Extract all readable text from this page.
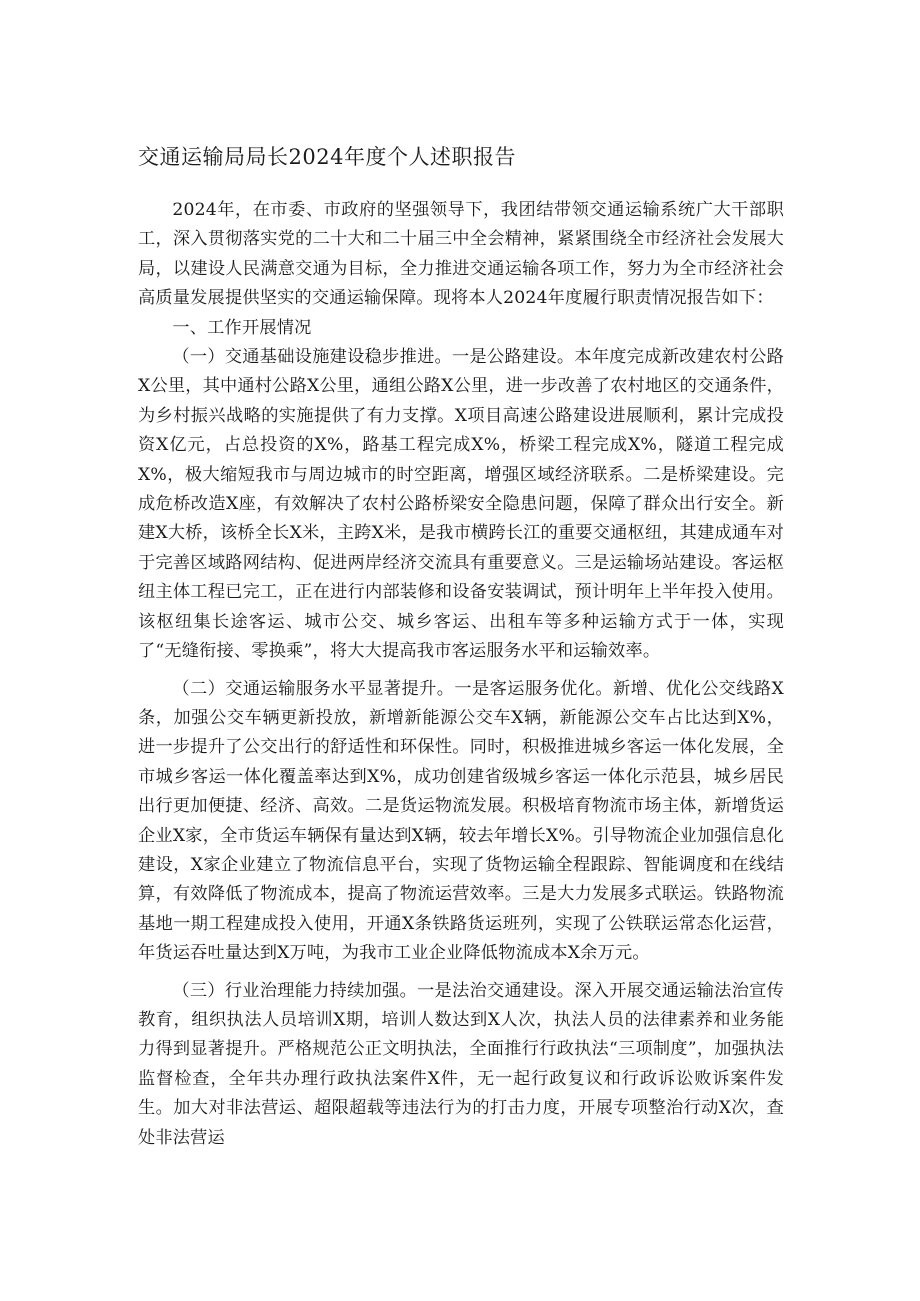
交通运输局局长2024年度个人述职报告

2024年，在市委、市政府的坚强领导下，我团结带领交通运输系统广大干部职工，深入贯彻落实党的二十大和二十届三中全会精神，紧紧围绕全市经济社会发展大局，以建设人民满意交通为目标，全力推进交通运输各项工作，努力为全市经济社会高质量发展提供坚实的交通运输保障。现将本人2024年度履行职责情况报告如下：

一、工作开展情况

（一）交通基础设施建设稳步推进。一是公路建设。本年度完成新改建农村公路X公里，其中通村公路X公里，通组公路X公里，进一步改善了农村地区的交通条件，为乡村振兴战略的实施提供了有力支撑。X项目高速公路建设进展顺利，累计完成投资X亿元，占总投资的X%，路基工程完成X%，桥梁工程完成X%，隧道工程完成X%，极大缩短我市与周边城市的时空距离，增强区域经济联系。二是桥梁建设。完成危桥改造X座，有效解决了农村公路桥梁安全隐患问题，保障了群众出行安全。新建X大桥，该桥全长X米，主跨X米，是我市横跨长江的重要交通枢纽，其建成通车对于完善区域路网结构、促进两岸经济交流具有重要意义。三是运输场站建设。客运枢纽主体工程已完工，正在进行内部装修和设备安装调试，预计明年上半年投入使用。该枢纽集长途客运、城市公交、城乡客运、出租车等多种运输方式于一体，实现了“无缝衔接、零换乘”，将大大提高我市客运服务水平和运输效率。

（二）交通运输服务水平显著提升。一是客运服务优化。新增、优化公交线路X条，加强公交车辆更新投放，新增新能源公交车X辆，新能源公交车占比达到X%，进一步提升了公交出行的舒适性和环保性。同时，积极推进城乡客运一体化发展，全市城乡客运一体化覆盖率达到X%，成功创建省级城乡客运一体化示范县，城乡居民出行更加便捷、经济、高效。二是货运物流发展。积极培育物流市场主体，新增货运企业X家，全市货运车辆保有量达到X辆，较去年增长X%。引导物流企业加强信息化建设，X家企业建立了物流信息平台，实现了货物运输全程跟踪、智能调度和在线结算，有效降低了物流成本，提高了物流运营效率。三是大力发展多式联运。铁路物流基地一期工程建成投入使用，开通X条铁路货运班列，实现了公铁联运常态化运营，年货运吞吐量达到X万吨，为我市工业企业降低物流成本X余万元。

（三）行业治理能力持续加强。一是法治交通建设。深入开展交通运输法治宣传教育，组织执法人员培训X期，培训人数达到X人次，执法人员的法律素养和业务能力得到显著提升。严格规范公正文明执法，全面推行行政执法“三项制度”，加强执法监督检查，全年共办理行政执法案件X件，无一起行政复议和行政诉讼败诉案件发生。加大对非法营运、超限超载等违法行为的打击力度，开展专项整治行动X次，查处非法营运
